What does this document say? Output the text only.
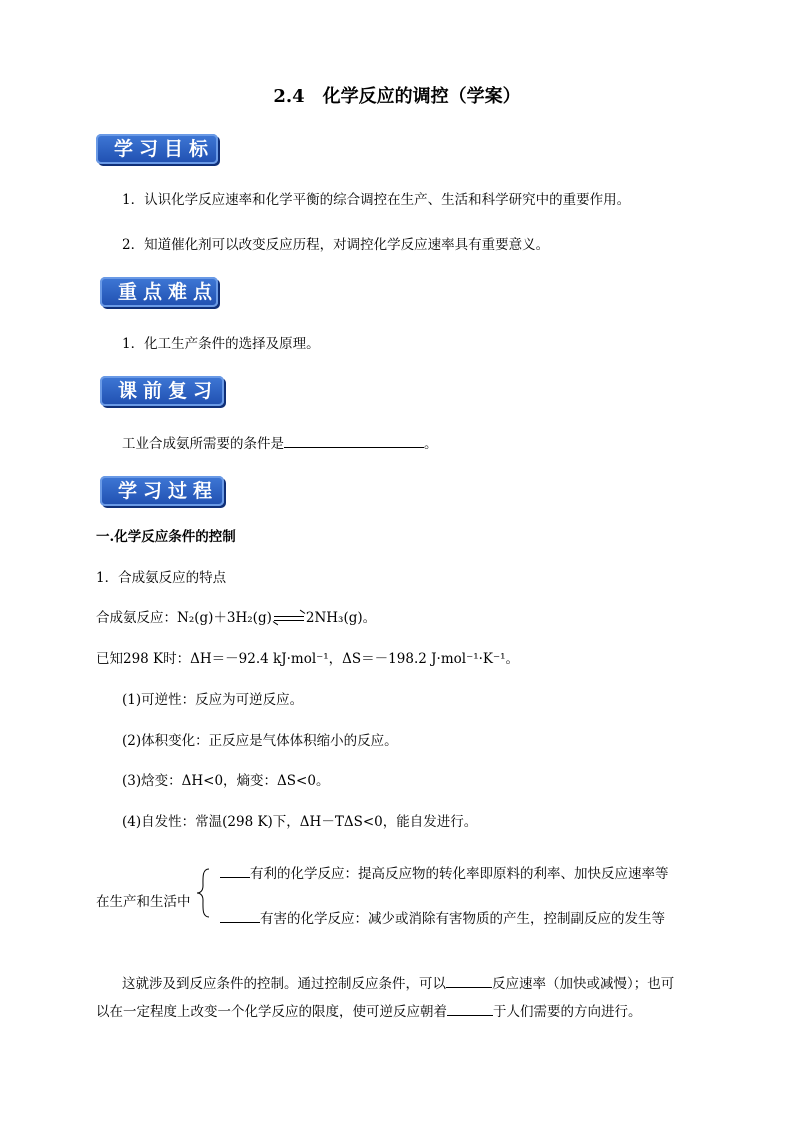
2.4　化学反应的调控（学案）
学习目标
1．认识化学反应速率和化学平衡的综合调控在生产、生活和科学研究中的重要作用。
2．知道催化剂可以改变反应历程，对调控化学反应速率具有重要意义。
重点难点
1．化工生产条件的选择及原理。
课前复习
工业合成氨所需要的条件是	。
学习过程
一.化学反应条件的控制
1．合成氨反应的特点
合成氨反应：N₂(g)＋3H₂(g)	2NH₃(g)。
已知298 K时：ΔH＝－92.4 kJ·mol⁻¹，ΔS＝－198.2 J·mol⁻¹·K⁻¹。
(1)可逆性：反应为可逆反应。
(2)体积变化：正反应是气体体积缩小的反应。
(3)焓变：ΔH<0，熵变：ΔS<0。
(4)自发性：常温(298 K)下，ΔH－TΔS<0，能自发进行。
在生产和生活中
有利的化学反应：提高反应物的转化率即原料的利率、加快反应速率等
有害的化学反应：减少或消除有害物质的产生，控制副反应的发生等
这就涉及到反应条件的控制。通过控制反应条件，可以	反应速率（加快或减慢）；也可
以在一定程度上改变一个化学反应的限度，使可逆反应朝着	于人们需要的方向进行。
